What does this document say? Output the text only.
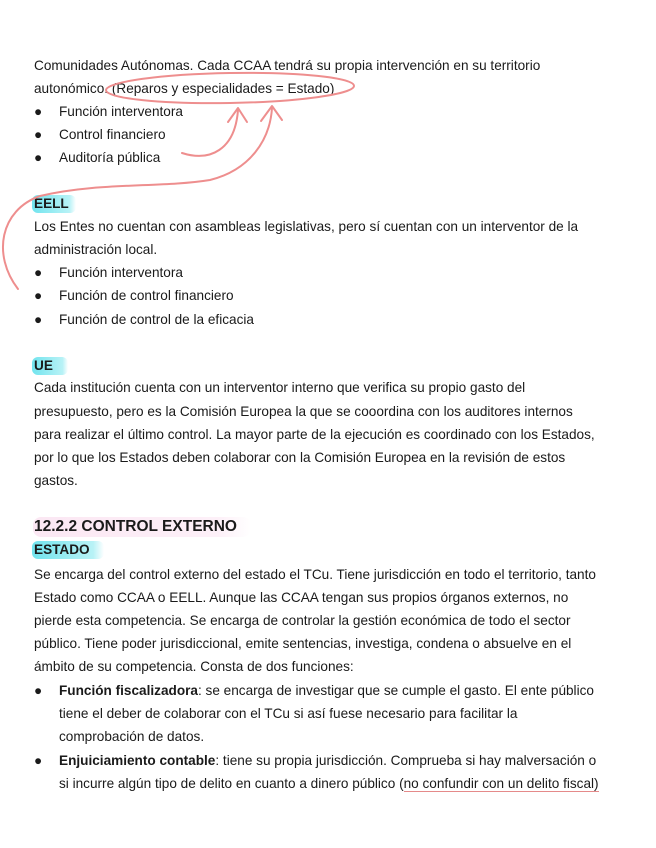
Comunidades Autónomas. Cada CCAA tendrá su propia intervención en su territorio

autonómico. (Reparos y especialidades = Estado)

●	Función interventora
●	Control financiero
●	Auditoría pública
EELL

Los Entes no cuentan con asambleas legislativas, pero sí cuentan con un interventor de la

administración local.

●	Función interventora
●	Función de control financiero
●	Función de control de la eficacia
UE

Cada institución cuenta con un interventor interno que verifica su propio gasto del

presupuesto, pero es la Comisión Europea la que se cooordina con los auditores internos

para realizar el último control. La mayor parte de la ejecución es coordinado con los Estados,

por lo que los Estados deben colaborar con la Comisión Europea en la revisión de estos

gastos.

12.2.2 CONTROL EXTERNO
ESTADO

Se encarga del control externo del estado el TCu. Tiene jurisdicción en todo el territorio, tanto

Estado como CCAA o EELL. Aunque las CCAA tengan sus propios órganos externos, no

pierde esta competencia. Se encarga de controlar la gestión económica de todo el sector

público. Tiene poder jurisdiccional, emite sentencias, investiga, condena o absuelve en el

ámbito de su competencia. Consta de dos funciones:

●	Función fiscalizadora: se encarga de investigar que se cumple el gasto. El ente público

tiene el deber de colaborar con el TCu si así fuese necesario para facilitar la

comprobación de datos.

●	Enjuiciamiento contable: tiene su propia jurisdicción. Comprueba si hay malversación o

si incurre algún tipo de delito en cuanto a dinero público (no confundir con un delito fiscal)
